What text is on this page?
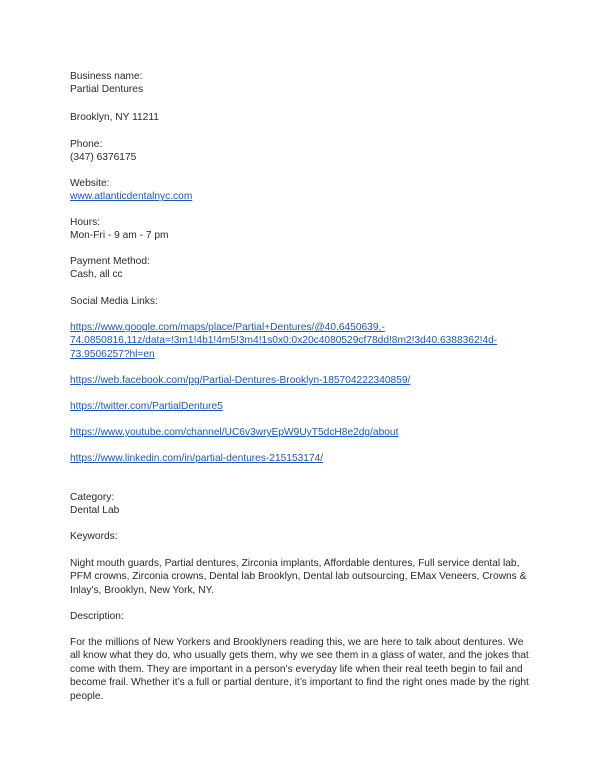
Business name:
Partial Dentures
Brooklyn, NY 11211
Phone:
(347) 6376175
Website:
www.atlanticdentalnyc.com
Hours:
Mon-Fri - 9 am - 7 pm
Payment Method:
Cash, all cc
Social Media Links:
https://www.google.com/maps/place/Partial+Dentures/@40.6450639,-
74.0850816,11z/data=!3m1!4b1!4m5!3m4!1s0x0:0x20c4080529cf78dd!8m2!3d40.6388362!4d-
73.9506257?hl=en
https://web.facebook.com/pg/Partial-Dentures-Brooklyn-185704222340859/
https://twitter.com/PartialDenture5
https://www.youtube.com/channel/UC6v3wryEpW9UyT5dcH8e2dg/about
https://www.linkedin.com/in/partial-dentures-215153174/
Category:
Dental Lab
Keywords:
Night mouth guards, Partial dentures, Zirconia implants, Affordable dentures, Full service dental lab, PFM crowns, Zirconia crowns, Dental lab Brooklyn, Dental lab outsourcing, EMax Veneers, Crowns & Inlay's, Brooklyn, New York, NY.
Description:
For the millions of New Yorkers and Brooklyners reading this, we are here to talk about dentures. We all know what they do, who usually gets them, why we see them in a glass of water, and the jokes that come with them. They are important in a person’s everyday life when their real teeth begin to fail and become frail. Whether it’s a full or partial denture, it’s important to find the right ones made by the right people.
